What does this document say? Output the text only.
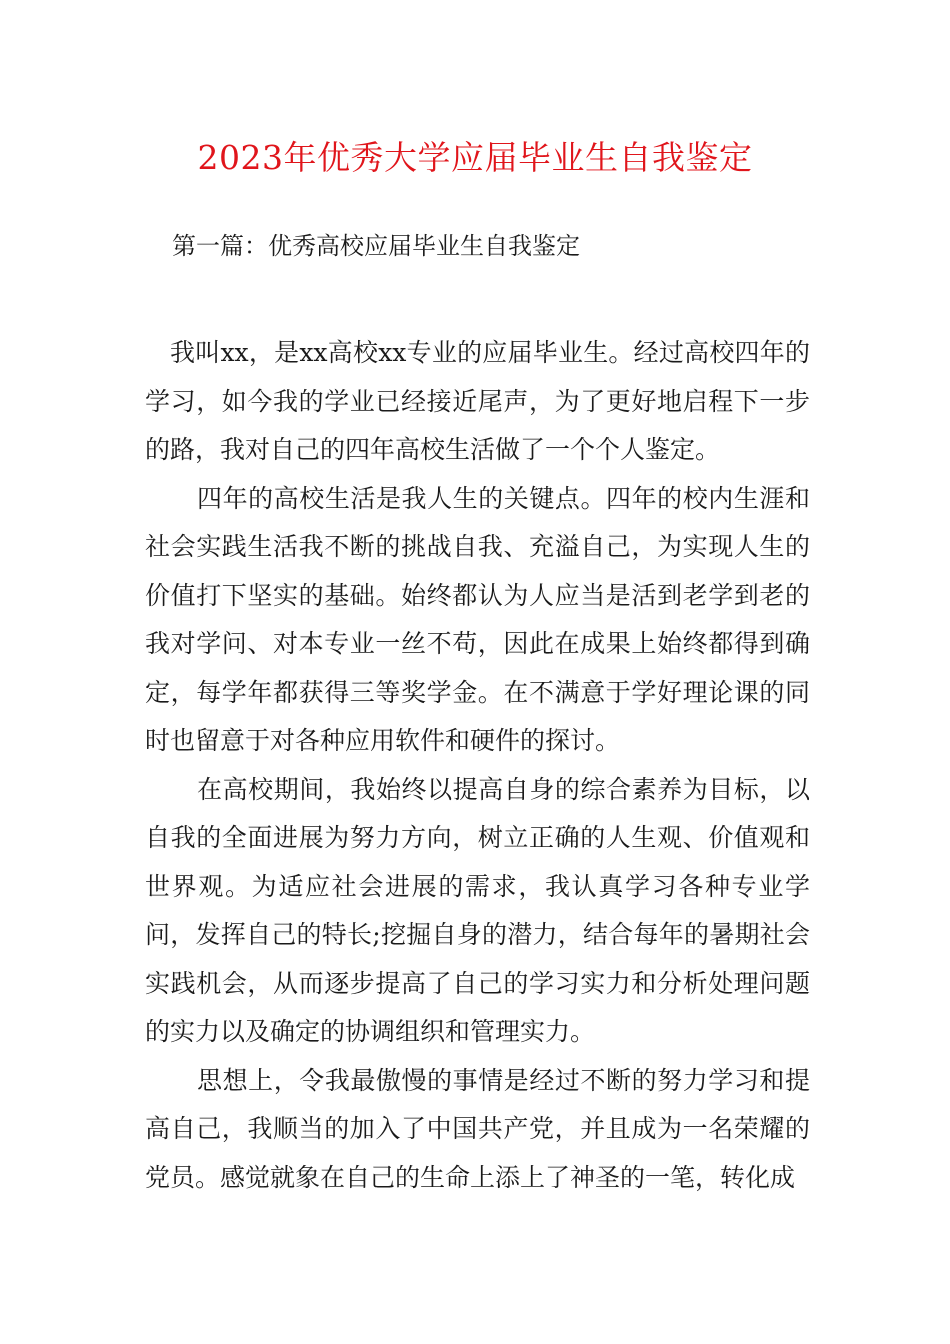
2023年优秀大学应届毕业生自我鉴定
第一篇：优秀高校应届毕业生自我鉴定

我叫xx，是xx高校xx专业的应届毕业生。经过高校四年的学习，如今我的学业已经接近尾声，为了更好地启程下一步的路，我对自己的四年高校生活做了一个个人鉴定。

四年的高校生活是我人生的关键点。四年的校内生涯和社会实践生活我不断的挑战自我、充溢自己，为实现人生的价值打下坚实的基础。始终都认为人应当是活到老学到老的我对学问、对本专业一丝不苟，因此在成果上始终都得到确定，每学年都获得三等奖学金。在不满意于学好理论课的同时也留意于对各种应用软件和硬件的探讨。

在高校期间，我始终以提高自身的综合素养为目标，以自我的全面进展为努力方向，树立正确的人生观、价值观和世界观。为适应社会进展的需求，我认真学习各种专业学问，发挥自己的特长;挖掘自身的潜力，结合每年的暑期社会实践机会，从而逐步提高了自己的学习实力和分析处理问题的实力以及确定的协调组织和管理实力。

思想上，令我最傲慢的事情是经过不断的努力学习和提高自己，我顺当的加入了中国共产党，并且成为一名荣耀的党员。感觉就象在自己的生命上添上了神圣的一笔，转化成
